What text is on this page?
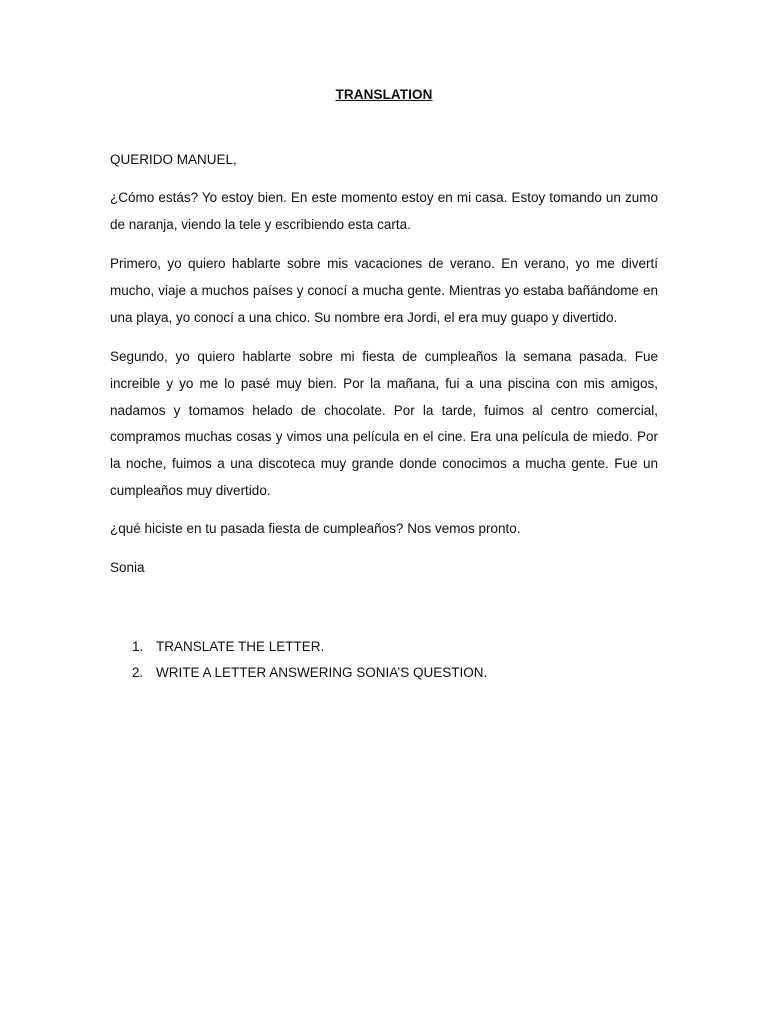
TRANSLATION

QUERIDO MANUEL,

¿Cómo estás? Yo estoy bien. En este momento estoy en mi casa. Estoy tomando un zumo de naranja, viendo la tele y escribiendo esta carta.

Primero, yo quiero hablarte sobre mis vacaciones de verano. En verano, yo me divertí mucho, viaje a muchos países y conocí a mucha gente. Mientras yo estaba bañándome en una playa, yo conocí a una chico. Su nombre era Jordi, el era muy guapo y divertido.

Segundo, yo quiero hablarte sobre mi fiesta de cumpleaños la semana pasada. Fue increible y yo me lo pasé muy bien. Por la mañana, fui a una piscina con mis amigos, nadamos y tomamos helado de chocolate. Por la tarde, fuimos al centro comercial, compramos muchas cosas y vimos una película en el cine. Era una película de miedo. Por la noche, fuimos a una discoteca muy grande donde conocimos a mucha gente. Fue un cumpleaños muy divertido.

¿qué hiciste en tu pasada fiesta de cumpleaños? Nos vemos pronto.

Sonia

1. TRANSLATE THE LETTER.
2. WRITE A LETTER ANSWERING SONIA’S QUESTION.
